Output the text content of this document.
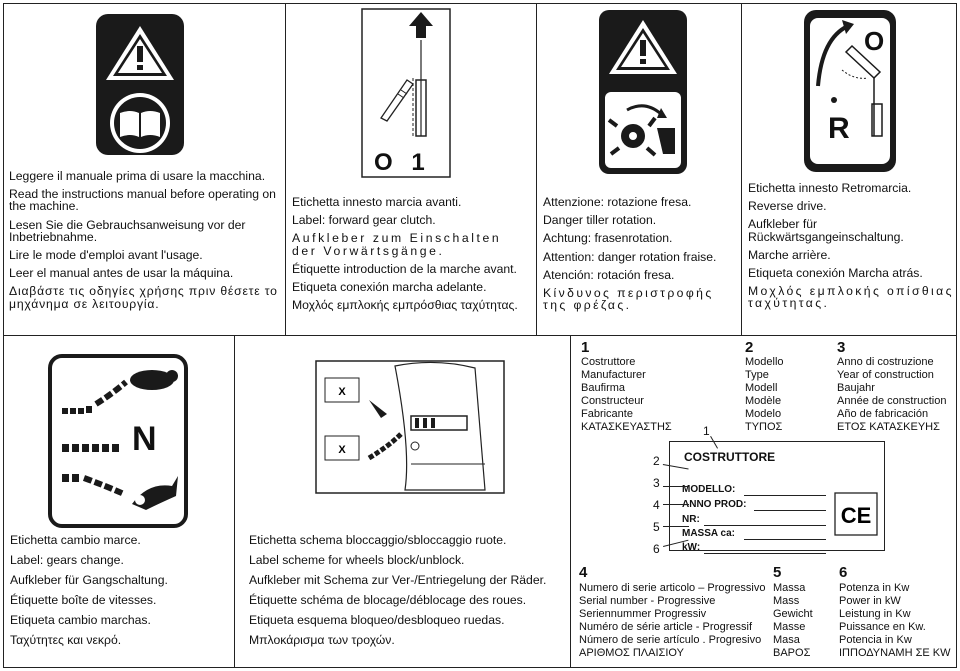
Leggere il manuale prima di usare la macchina.
Read the instructions manual before operating on the machine.
Lesen Sie die Gebrauchsanweisung vor der Inbetriebnahme.
Lire le mode d'emploi avant l'usage.
Leer el manual antes de usar la máquina.
Διαβάστε τις οδηγίες χρήσης πριν θέσετε το μηχάνημα σε λειτουργία.
O 1
Etichetta innesto marcia avanti.
Label: forward gear clutch.
Aufkleber zum Einschalten der Vorwärtsgänge.
Étiquette introduction de la marche avant.
Etiqueta conexión marcha adelante.
Μοχλός εμπλοκής εμπρόσθιας ταχύτητας.
Attenzione: rotazione fresa.
Danger tiller rotation.
Achtung: frasenrotation.
Attention: danger rotation fraise.
Atención: rotación fresa.
Κίνδυνος περιστροφής της φρέζας.
O
R
Etichetta innesto Retromarcia.
Reverse drive.
Aufkleber für Rückwärtsgangeinschaltung.
Marche arrière.
Etiqueta conexión Marcha atrás.
Μοχλός εμπλοκής οπίσθιας ταχύτητας.
N
Etichetta cambio marce.
Label: gears change.
Aufkleber für Gangschaltung.
Étiquette boîte de vitesses.
Etiqueta cambio marchas.
Ταχύτητες και νεκρό.
X
X
Etichetta schema bloccaggio/sbloccaggio ruote.
Label scheme for wheels block/unblock.
Aufkleber mit Schema zur Ver-/Entriegelung der Räder.
Étiquette schéma de blocage/déblocage des roues.
Etiqueta esquema bloqueo/desbloqueo ruedas.
Μπλοκάρισμα των τροχών.
1
Costruttore
Manufacturer
Baufirma
Constructeur
Fabricante
ΚΑΤΑΣΚΕΥΑΣΤΗΣ
2
Modello
Type
Modell
Modèle
Modelo
ΤΥΠΟΣ
3
Anno di costruzione
Year of construction
Baujahr
Année de construction
Año de fabricación
ΕΤΟΣ ΚΑΤΑΣΚΕΥΗΣ
COSTRUTTORE
MODELLO:
ANNO PROD:
NR:
MASSA ca:
kW:
CE
1
2
3
4
5
6
4
Numero di serie articolo – Progressivo
Serial number - Progressive
Seriennummer Progressiv
Numéro de série article - Progressif
Número de serie artículo . Progresivo
ΑΡΙΘΜΟΣ ΠΛΑΙΣΙΟΥ
5
Massa
Mass
Gewicht
Masse
Masa
ΒΑΡΟΣ
6
Potenza in Kw
Power in kW
Leistung in Kw
Puissance en Kw.
Potencia in Kw
ΙΠΠΟΔΥΝΑΜΗ ΣΕ KW
